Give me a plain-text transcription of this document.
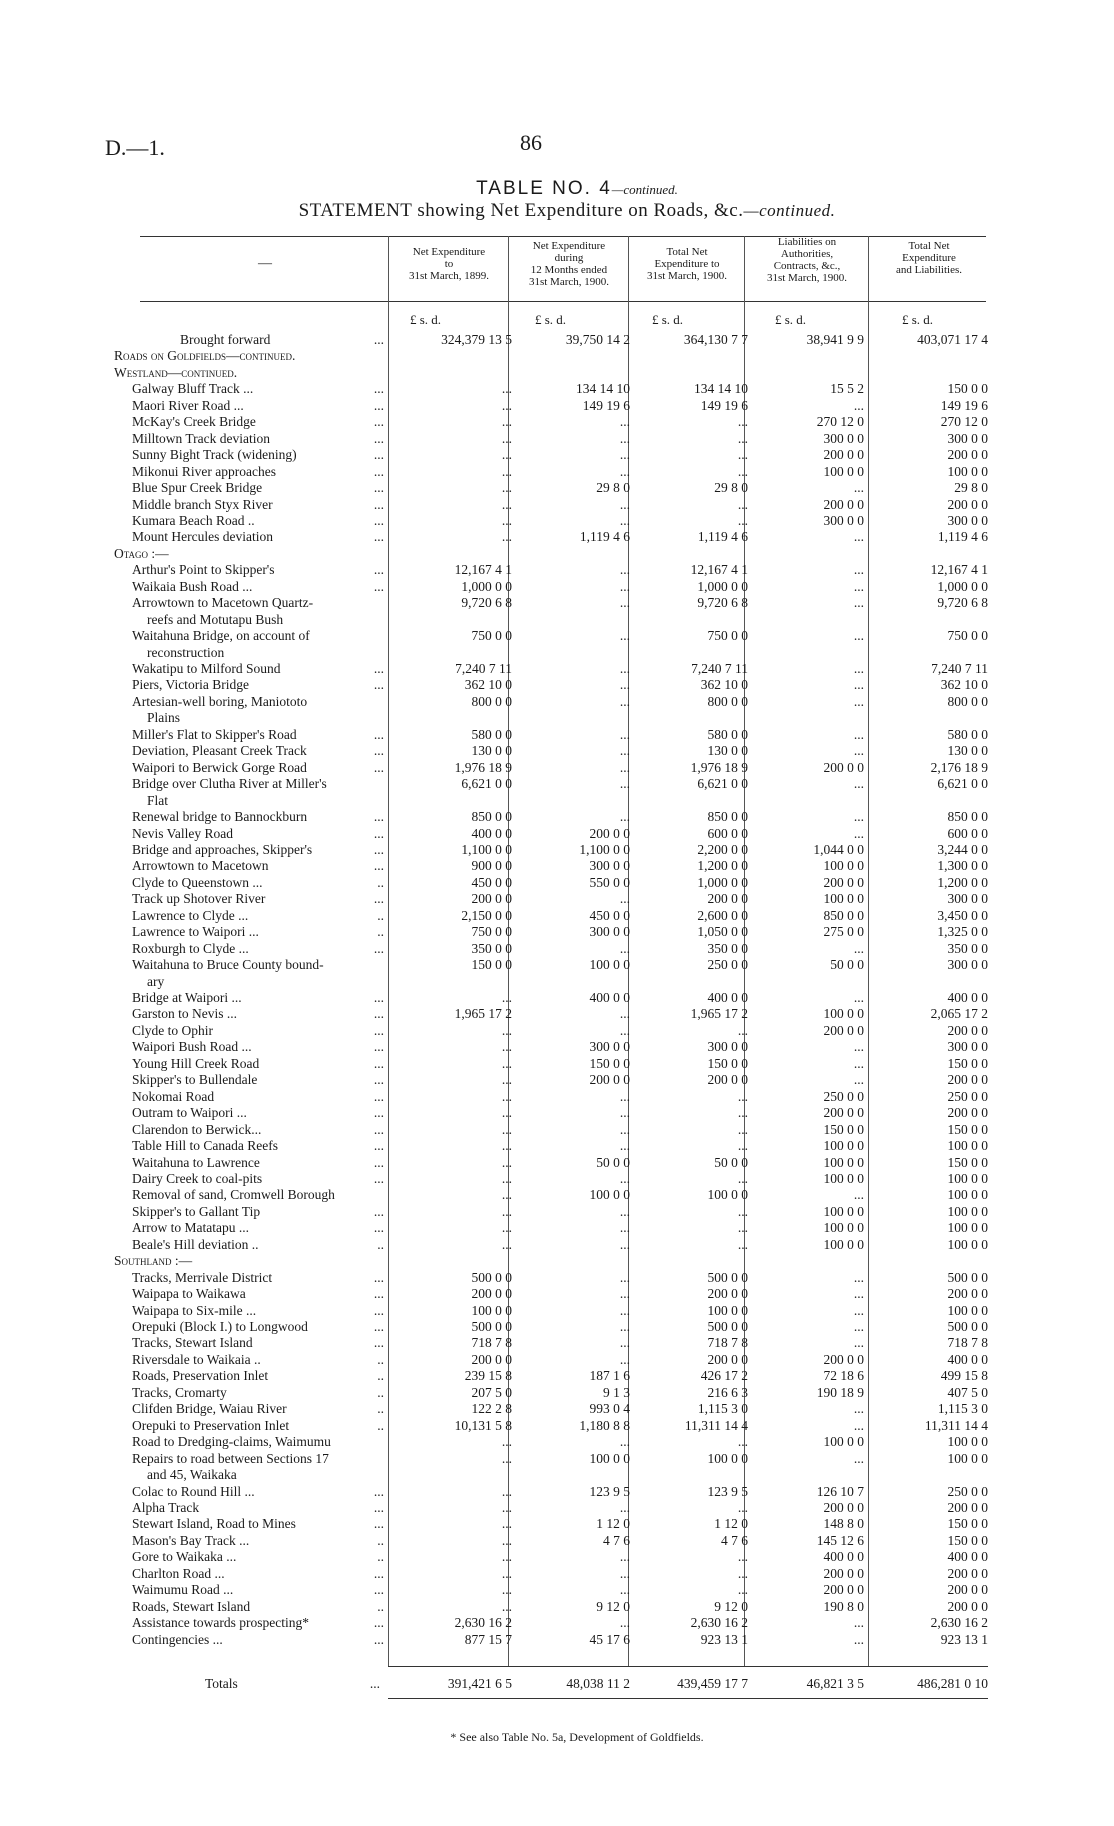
D.—1.	86
TABLE NO. 4—continued.
STATEMENT showing Net Expenditure on Roads, &c.—continued.
—
Net Expenditure
to
31st March, 1899.
Net Expenditure
during
12 Months ended
31st March, 1900.
Total Net
Expenditure to
31st March, 1900.
Liabilities on
Authorities,
Contracts, &c.,
31st March, 1900.
Total Net
Expenditure
and Liabilities.
£ s. d.	£ s. d.	£ s. d.	£ s. d.	£ s. d.
Brought forward	...	324,379 13 5	39,750 14 2	364,130 7 7	38,941 9 9	403,071 17 4
Roads on Goldfields—continued.
Westland—continued.
Galway Bluff Track ...	...	...	134 14 10	134 14 10	15 5 2	150 0 0
Maori River Road ...	...	...	149 19 6	149 19 6	...	149 19 6
McKay's Creek Bridge	...	...	...	...	270 12 0	270 12 0
Milltown Track deviation	...	...	...	...	300 0 0	300 0 0
Sunny Bight Track (widening)	...	...	...	...	200 0 0	200 0 0
Mikonui River approaches	...	...	...	...	100 0 0	100 0 0
Blue Spur Creek Bridge	...	...	29 8 0	29 8 0	...	29 8 0
Middle branch Styx River	...	...	...	...	200 0 0	200 0 0
Kumara Beach Road ..	...	...	...	...	300 0 0	300 0 0
Mount Hercules deviation	...	...	1,119 4 6	1,119 4 6	...	1,119 4 6
Otago :—
Arthur's Point to Skipper's	...	12,167 4 1	...	12,167 4 1	...	12,167 4 1
Waikaia Bush Road ...	...	1,000 0 0	...	1,000 0 0	...	1,000 0 0
Arrowtown to Macetown Quartz-	9,720 6 8	...	9,720 6 8	...	9,720 6 8
reefs and Motutapu Bush
Waitahuna Bridge, on account of	750 0 0	...	750 0 0	...	750 0 0
reconstruction
Wakatipu to Milford Sound	...	7,240 7 11	...	7,240 7 11	...	7,240 7 11
Piers, Victoria Bridge	...	362 10 0	...	362 10 0	...	362 10 0
Artesian-well boring, Maniototo	800 0 0	...	800 0 0	...	800 0 0
Plains
Miller's Flat to Skipper's Road	...	580 0 0	...	580 0 0	...	580 0 0
Deviation, Pleasant Creek Track	...	130 0 0	...	130 0 0	...	130 0 0
Waipori to Berwick Gorge Road	...	1,976 18 9	...	1,976 18 9	200 0 0	2,176 18 9
Bridge over Clutha River at Miller's	6,621 0 0	...	6,621 0 0	...	6,621 0 0
Flat
Renewal bridge to Bannockburn	...	850 0 0	...	850 0 0	...	850 0 0
Nevis Valley Road	...	400 0 0	200 0 0	600 0 0	...	600 0 0
Bridge and approaches, Skipper's	...	1,100 0 0	1,100 0 0	2,200 0 0	1,044 0 0	3,244 0 0
Arrowtown to Macetown	...	900 0 0	300 0 0	1,200 0 0	100 0 0	1,300 0 0
Clyde to Queenstown ...	..	450 0 0	550 0 0	1,000 0 0	200 0 0	1,200 0 0
Track up Shotover River	...	200 0 0	...	200 0 0	100 0 0	300 0 0
Lawrence to Clyde ...	..	2,150 0 0	450 0 0	2,600 0 0	850 0 0	3,450 0 0
Lawrence to Waipori ...	..	750 0 0	300 0 0	1,050 0 0	275 0 0	1,325 0 0
Roxburgh to Clyde ...	...	350 0 0	...	350 0 0	...	350 0 0
Waitahuna to Bruce County bound-	150 0 0	100 0 0	250 0 0	50 0 0	300 0 0
ary
Bridge at Waipori ...	...	...	400 0 0	400 0 0	...	400 0 0
Garston to Nevis ...	...	1,965 17 2	...	1,965 17 2	100 0 0	2,065 17 2
Clyde to Ophir	...	...	...	...	200 0 0	200 0 0
Waipori Bush Road ...	...	...	300 0 0	300 0 0	...	300 0 0
Young Hill Creek Road	...	...	150 0 0	150 0 0	...	150 0 0
Skipper's to Bullendale	...	...	200 0 0	200 0 0	...	200 0 0
Nokomai Road	...	...	...	...	250 0 0	250 0 0
Outram to Waipori ...	...	...	...	...	200 0 0	200 0 0
Clarendon to Berwick...	...	...	...	...	150 0 0	150 0 0
Table Hill to Canada Reefs	...	...	...	...	100 0 0	100 0 0
Waitahuna to Lawrence	...	...	50 0 0	50 0 0	100 0 0	150 0 0
Dairy Creek to coal-pits	...	...	...	...	100 0 0	100 0 0
Removal of sand, Cromwell Borough	...	100 0 0	100 0 0	...	100 0 0
Skipper's to Gallant Tip	...	...	...	...	100 0 0	100 0 0
Arrow to Matatapu ...	...	...	...	...	100 0 0	100 0 0
Beale's Hill deviation ..	..	...	...	...	100 0 0	100 0 0
Southland :—
Tracks, Merrivale District	...	500 0 0	...	500 0 0	...	500 0 0
Waipapa to Waikawa	...	200 0 0	...	200 0 0	...	200 0 0
Waipapa to Six-mile ...	...	100 0 0	...	100 0 0	...	100 0 0
Orepuki (Block I.) to Longwood	...	500 0 0	...	500 0 0	...	500 0 0
Tracks, Stewart Island	...	718 7 8	...	718 7 8	...	718 7 8
Riversdale to Waikaia ..	..	200 0 0	...	200 0 0	200 0 0	400 0 0
Roads, Preservation Inlet	..	239 15 8	187 1 6	426 17 2	72 18 6	499 15 8
Tracks, Cromarty	..	207 5 0	9 1 3	216 6 3	190 18 9	407 5 0
Clifden Bridge, Waiau River	..	122 2 8	993 0 4	1,115 3 0	...	1,115 3 0
Orepuki to Preservation Inlet	..	10,131 5 8	1,180 8 8	11,311 14 4	...	11,311 14 4
Road to Dredging-claims, Waimumu	...	...	...	100 0 0	100 0 0
Repairs to road between Sections 17	...	100 0 0	100 0 0	...	100 0 0
and 45, Waikaka
Colac to Round Hill ...	...	...	123 9 5	123 9 5	126 10 7	250 0 0
Alpha Track	...	...	...	...	200 0 0	200 0 0
Stewart Island, Road to Mines	...	...	1 12 0	1 12 0	148 8 0	150 0 0
Mason's Bay Track ...	..	...	4 7 6	4 7 6	145 12 6	150 0 0
Gore to Waikaka ...	..	...	...	...	400 0 0	400 0 0
Charlton Road ...	...	...	...	...	200 0 0	200 0 0
Waimumu Road ...	...	...	...	...	200 0 0	200 0 0
Roads, Stewart Island	..	...	9 12 0	9 12 0	190 8 0	200 0 0
Assistance towards prospecting*	...	2,630 16 2	...	2,630 16 2	...	2,630 16 2
Contingencies ...	...	877 15 7	45 17 6	923 13 1	...	923 13 1
Totals	...	391,421 6 5	48,038 11 2	439,459 17 7	46,821 3 5	486,281 0 10
* See also Table No. 5a, Development of Goldfields.
